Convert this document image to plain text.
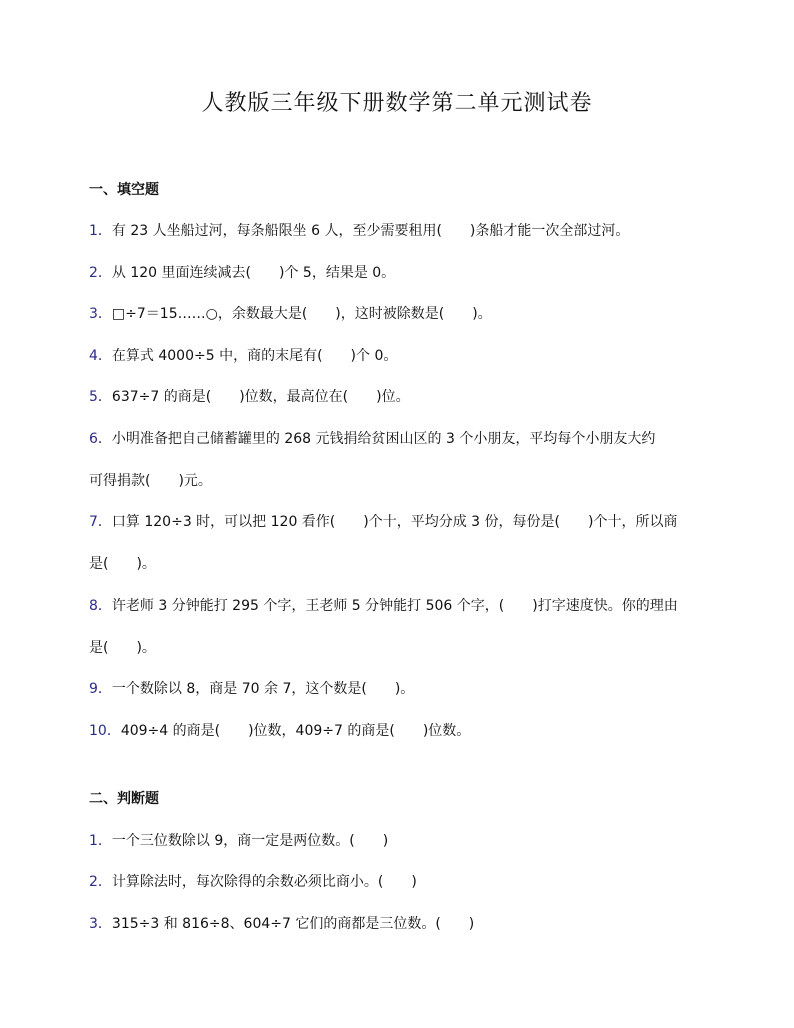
人教版三年级下册数学第二单元测试卷
一、填空题
1．有 23 人坐船过河，每条船限坐 6 人，至少需要租用(　　)条船才能一次全部过河。
2．从 120 里面连续减去(　　)个 5，结果是 0。
3．□÷7＝15……○，余数最大是(　　)，这时被除数是(　　)。
4．在算式 4000÷5 中，商的末尾有(　　)个 0。
5．637÷7 的商是(　　)位数，最高位在(　　)位。
6．小明准备把自己储蓄罐里的 268 元钱捐给贫困山区的 3 个小朋友，平均每个小朋友大约
可得捐款(　　)元。
7．口算 120÷3 时，可以把 120 看作(　　)个十，平均分成 3 份，每份是(　　)个十，所以商
是(　　)。
8．许老师 3 分钟能打 295 个字，王老师 5 分钟能打 506 个字，(　　)打字速度快。你的理由
是(　　)。
9．一个数除以 8，商是 70 余 7，这个数是(　　)。
10．409÷4 的商是(　　)位数，409÷7 的商是(　　)位数。
二、判断题
1．一个三位数除以 9，商一定是两位数。(　　)
2．计算除法时，每次除得的余数必须比商小。(　　)
3．315÷3 和 816÷8、604÷7 它们的商都是三位数。(　　)
